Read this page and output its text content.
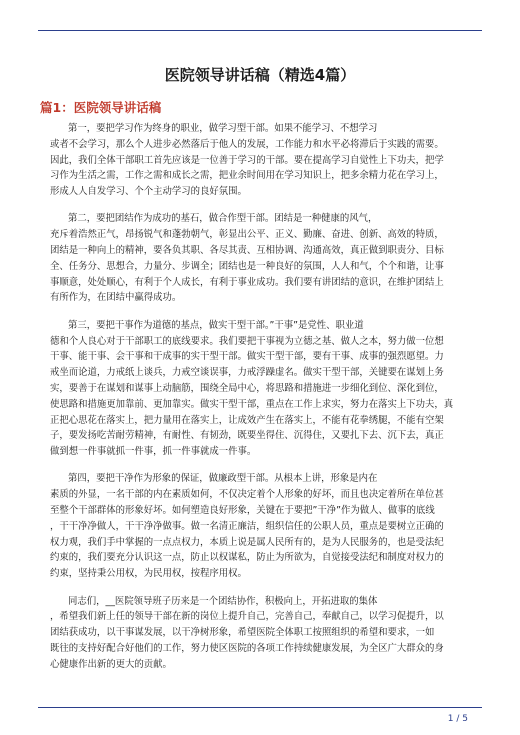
医院领导讲话稿（精选4篇）
篇1：医院领导讲话稿

第一，要把学习作为终身的职业，做学习型干部。如果不能学习、不想学习
或者不会学习，那么个人进步必然落后于他人的发展，工作能力和水平必将滞后于实践的需要。
因此，我们全体干部职工首先应该是一位善于学习的干部。要在提高学习自觉性上下功夫，把学
习作为生活之需，工作之需和成长之需，把业余时间用在学习知识上，把多余精力花在学习上，
形成人人自发学习、个个主动学习的良好氛围。

第二，要把团结作为成功的基石，做合作型干部。团结是一种健康的风气，
充斥着浩然正气，昂扬锐气和蓬勃朝气，彰显出公平、正义、勤廉、奋进、创新、高效的特质，
团结是一种向上的精神，要各负其职、各尽其责、互相协调、沟通高效，真正做到职责分、目标
全、任务分、思想合，力量分、步调全；团结也是一种良好的氛围，人人和气，个个和谐，让事
事顺意，处处顺心，有利于个人成长，有利于事业成功。我们要有讲团结的意识，在维护团结上
有所作为，在团结中赢得成功。

第三，要把干事作为道德的基点，做实干型干部。”干事”是党性、职业道
德和个人良心对于干部职工的底线要求。我们要把干事视为立德之基、做人之本，努力做一位想
干事、能干事、会干事和干成事的实干型干部。做实干型干部，要有干事、成事的强烈愿望。力
戒坐而论道，力戒纸上谈兵，力戒空谈误事，力戒浮躁虚名。做实干型干部，关键要在谋划上务
实，要善于在谋划和谋事上动脑筋，围绕全局中心，将思路和措施进一步细化到位、深化到位，
使思路和措施更加靠前、更加靠实。做实干型干部，重点在工作上求实，努力在落实上下功夫，真
正把心思花在落实上，把力量用在落实上，让成效产生在落实上，不能有花拳绣腿，不能有空架
子，要发扬吃苦耐劳精神，有耐性、有韧劲，既要坐得住、沉得住，又要扎下去、沉下去，真正
做到想一件事就抓一件事，抓一件事就成一件事。

第四，要把干净作为形象的保证，做廉政型干部。从根本上讲，形象是内在
素质的外显，一名干部的内在素质如何，不仅决定着个人形象的好坏，而且也决定着所在单位甚
至整个干部群体的形象好坏。如何塑造良好形象，关键在于要把”干净”作为做人、做事的底线
，干干净净做人，干干净净做事。做一名清正廉洁，组织信任的公职人员，重点是要树立正确的
权力观，我们手中掌握的一点点权力，本质上说是属人民所有的，是为人民服务的，也是受法纪
约束的，我们要充分认识这一点，防止以权谋私，防止为所欲为，自觉接受法纪和制度对权力的
约束，坚持秉公用权，为民用权，按程序用权。

同志们，__医院领导班子历来是一个团结协作，积极向上，开拓进取的集体
，希望我们新上任的领导干部在新的岗位上提升自己，完善自己，奉献自己，以学习促提升，以
团结获成功，以干事谋发展，以干净树形象，希望医院全体职工按照组织的希望和要求，一如
既往的支持好配合好他们的工作，努力使区医院的各项工作持续健康发展，为全区广大群众的身
心健康作出新的更大的贡献。

1 / 5
